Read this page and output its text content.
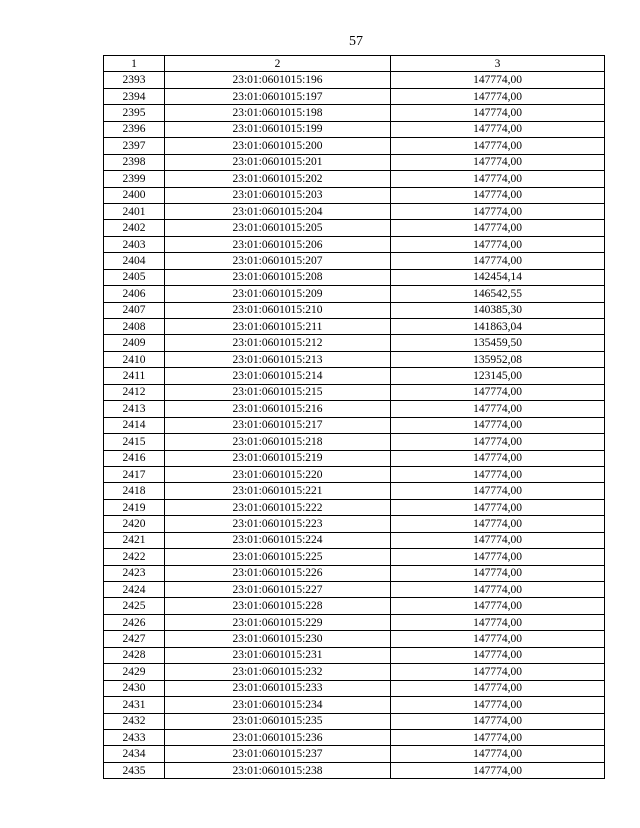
57
1	2	3
2393	23:01:0601015:196	147774,00
2394	23:01:0601015:197	147774,00
2395	23:01:0601015:198	147774,00
2396	23:01:0601015:199	147774,00
2397	23:01:0601015:200	147774,00
2398	23:01:0601015:201	147774,00
2399	23:01:0601015:202	147774,00
2400	23:01:0601015:203	147774,00
2401	23:01:0601015:204	147774,00
2402	23:01:0601015:205	147774,00
2403	23:01:0601015:206	147774,00
2404	23:01:0601015:207	147774,00
2405	23:01:0601015:208	142454,14
2406	23:01:0601015:209	146542,55
2407	23:01:0601015:210	140385,30
2408	23:01:0601015:211	141863,04
2409	23:01:0601015:212	135459,50
2410	23:01:0601015:213	135952,08
2411	23:01:0601015:214	123145,00
2412	23:01:0601015:215	147774,00
2413	23:01:0601015:216	147774,00
2414	23:01:0601015:217	147774,00
2415	23:01:0601015:218	147774,00
2416	23:01:0601015:219	147774,00
2417	23:01:0601015:220	147774,00
2418	23:01:0601015:221	147774,00
2419	23:01:0601015:222	147774,00
2420	23:01:0601015:223	147774,00
2421	23:01:0601015:224	147774,00
2422	23:01:0601015:225	147774,00
2423	23:01:0601015:226	147774,00
2424	23:01:0601015:227	147774,00
2425	23:01:0601015:228	147774,00
2426	23:01:0601015:229	147774,00
2427	23:01:0601015:230	147774,00
2428	23:01:0601015:231	147774,00
2429	23:01:0601015:232	147774,00
2430	23:01:0601015:233	147774,00
2431	23:01:0601015:234	147774,00
2432	23:01:0601015:235	147774,00
2433	23:01:0601015:236	147774,00
2434	23:01:0601015:237	147774,00
2435	23:01:0601015:238	147774,00
